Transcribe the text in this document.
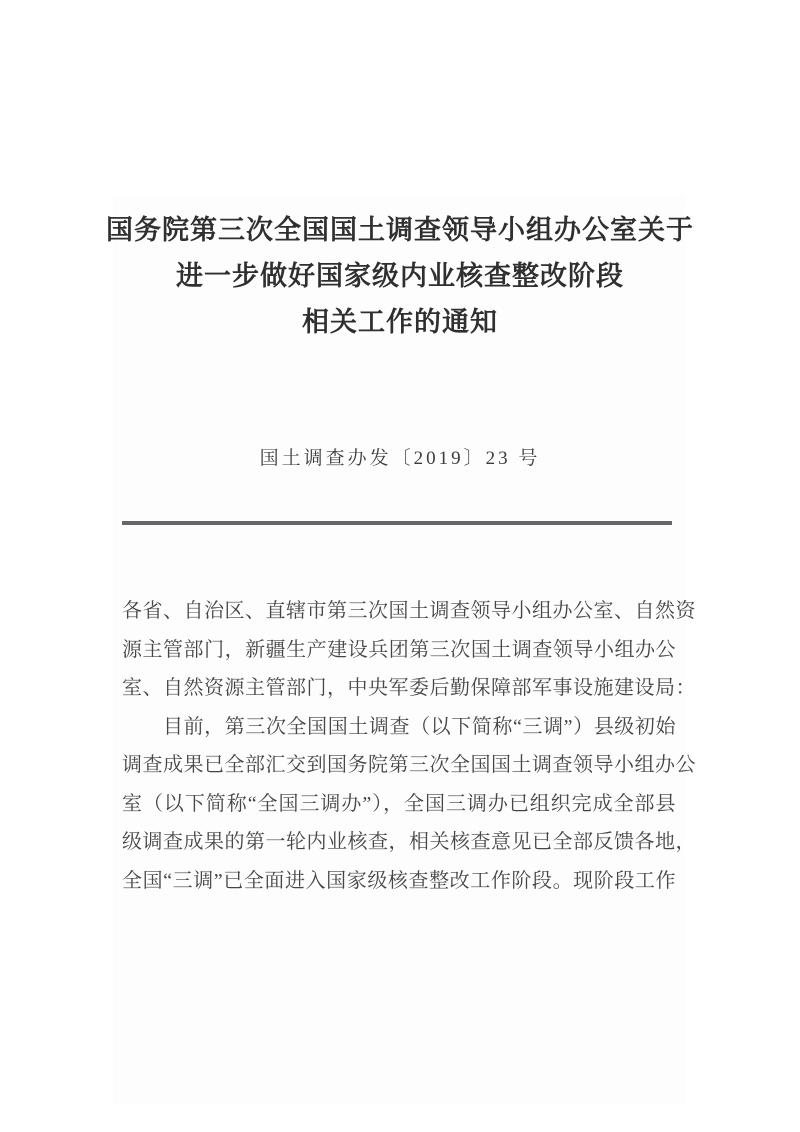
国务院第三次全国国土调查领导小组办公室关于
进一步做好国家级内业核查整改阶段
相关工作的通知
国土调查办发〔2019〕23 号

各省、自治区、直辖市第三次国土调查领导小组办公室、自然资
源主管部门，新疆生产建设兵团第三次国土调查领导小组办公
室、自然资源主管部门，中央军委后勤保障部军事设施建设局：

目前，第三次全国国土调查（以下简称“三调”）县级初始
调查成果已全部汇交到国务院第三次全国国土调查领导小组办公
室（以下简称“全国三调办”），全国三调办已组织完成全部县
级调查成果的第一轮内业核查，相关核查意见已全部反馈各地，
全国“三调”已全面进入国家级核查整改工作阶段。现阶段工作
